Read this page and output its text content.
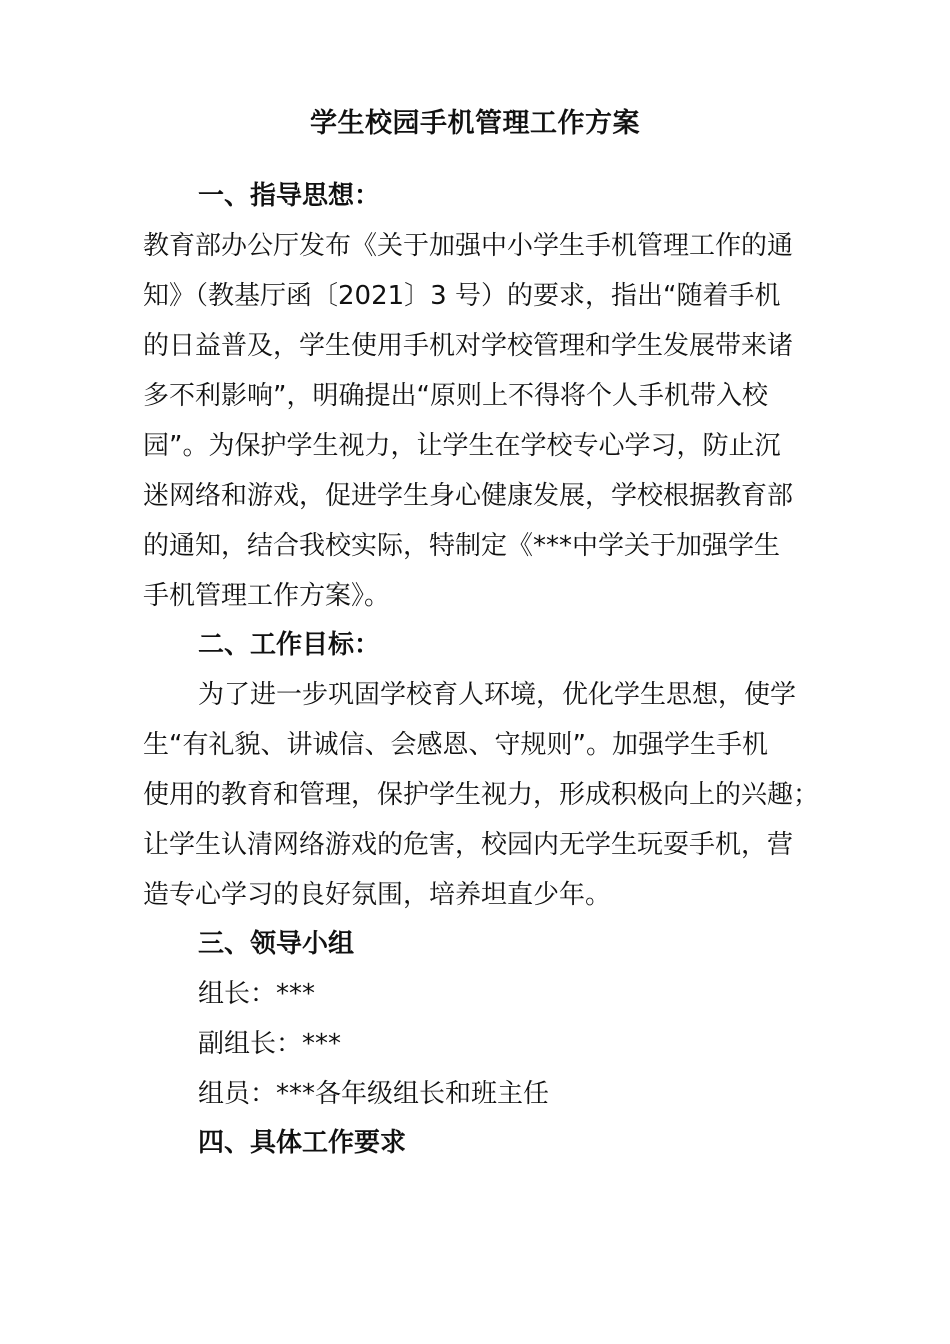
学生校园手机管理工作方案
一、指导思想：
教育部办公厅发布《关于加强中小学生手机管理工作的通
知》（教基厅函〔2021〕3 号）的要求，指出“随着手机
的日益普及，学生使用手机对学校管理和学生发展带来诸
多不利影响”，明确提出“原则上不得将个人手机带入校
园”。为保护学生视力，让学生在学校专心学习，防止沉
迷网络和游戏，促进学生身心健康发展，学校根据教育部
的通知，结合我校实际，特制定《***中学关于加强学生
手机管理工作方案》。
二、工作目标：
为了进一步巩固学校育人环境，优化学生思想，使学
生“有礼貌、讲诚信、会感恩、守规则”。加强学生手机
使用的教育和管理，保护学生视力，形成积极向上的兴趣；
让学生认清网络游戏的危害，校园内无学生玩耍手机，营
造专心学习的良好氛围，培养坦直少年。
三、领导小组
组长：***
副组长：***
组员：***各年级组长和班主任
四、具体工作要求
